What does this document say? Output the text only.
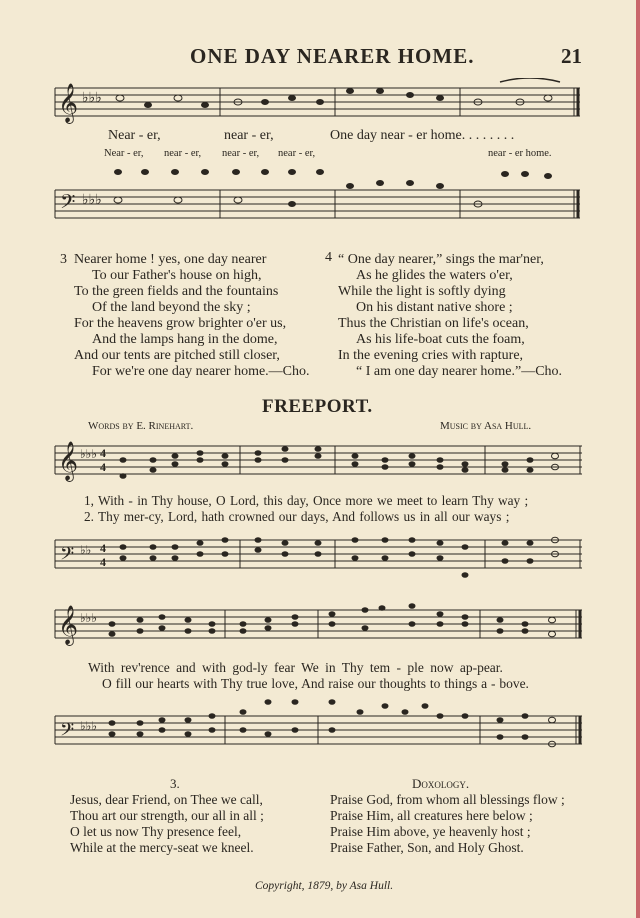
ONE DAY NEARER HOME.	21
𝄞 ♭♭♭
Near - er,	near - er,	One day near - er home. . . . . . . .
Near - er, near - er, near - er, near - er,	near - er home.
𝄢 ♭♭♭
3 Nearer home ! yes, one day nearer
To our Father's house on high,
To the green fields and the fountains
Of the land beyond the sky ;
For the heavens grow brighter o'er us,
And the lamps hang in the dome,
And our tents are pitched still closer,
For we're one day nearer home.—Cho.
4 “ One day nearer,” sings the mar'ner,
As he glides the waters o'er,
While the light is softly dying
On his distant native shore ;
Thus the Christian on life's ocean,
As his life-boat cuts the foam,
In the evening cries with rapture,
“ I am one day nearer home.”—Cho.
FREEPORT.
Words by E. Rinehart.	Music by Asa Hull.
𝄞 ♭♭♭ 4
4
1, With - in Thy house, O Lord, this day, Once more we meet to learn Thy way ;
2. Thy mer-cy, Lord, hath crowned our days, And follows us in all our ways ;
𝄢 ♭♭ 4
4
𝄞 ♭♭♭
With rev'rence and with god-ly fear We in Thy tem - ple now ap-pear.
O fill our hearts with Thy true love, And raise our thoughts to things a - bove.
𝄢 ♭♭♭
3.
Jesus, dear Friend, on Thee we call,
Thou art our strength, our all in all ;
O let us now Thy presence feel,
While at the mercy-seat we kneel.
Doxology.
Praise God, from whom all blessings flow ;
Praise Him, all creatures here below ;
Praise Him above, ye heavenly host ;
Praise Father, Son, and Holy Ghost.
Copyright, 1879, by Asa Hull.
